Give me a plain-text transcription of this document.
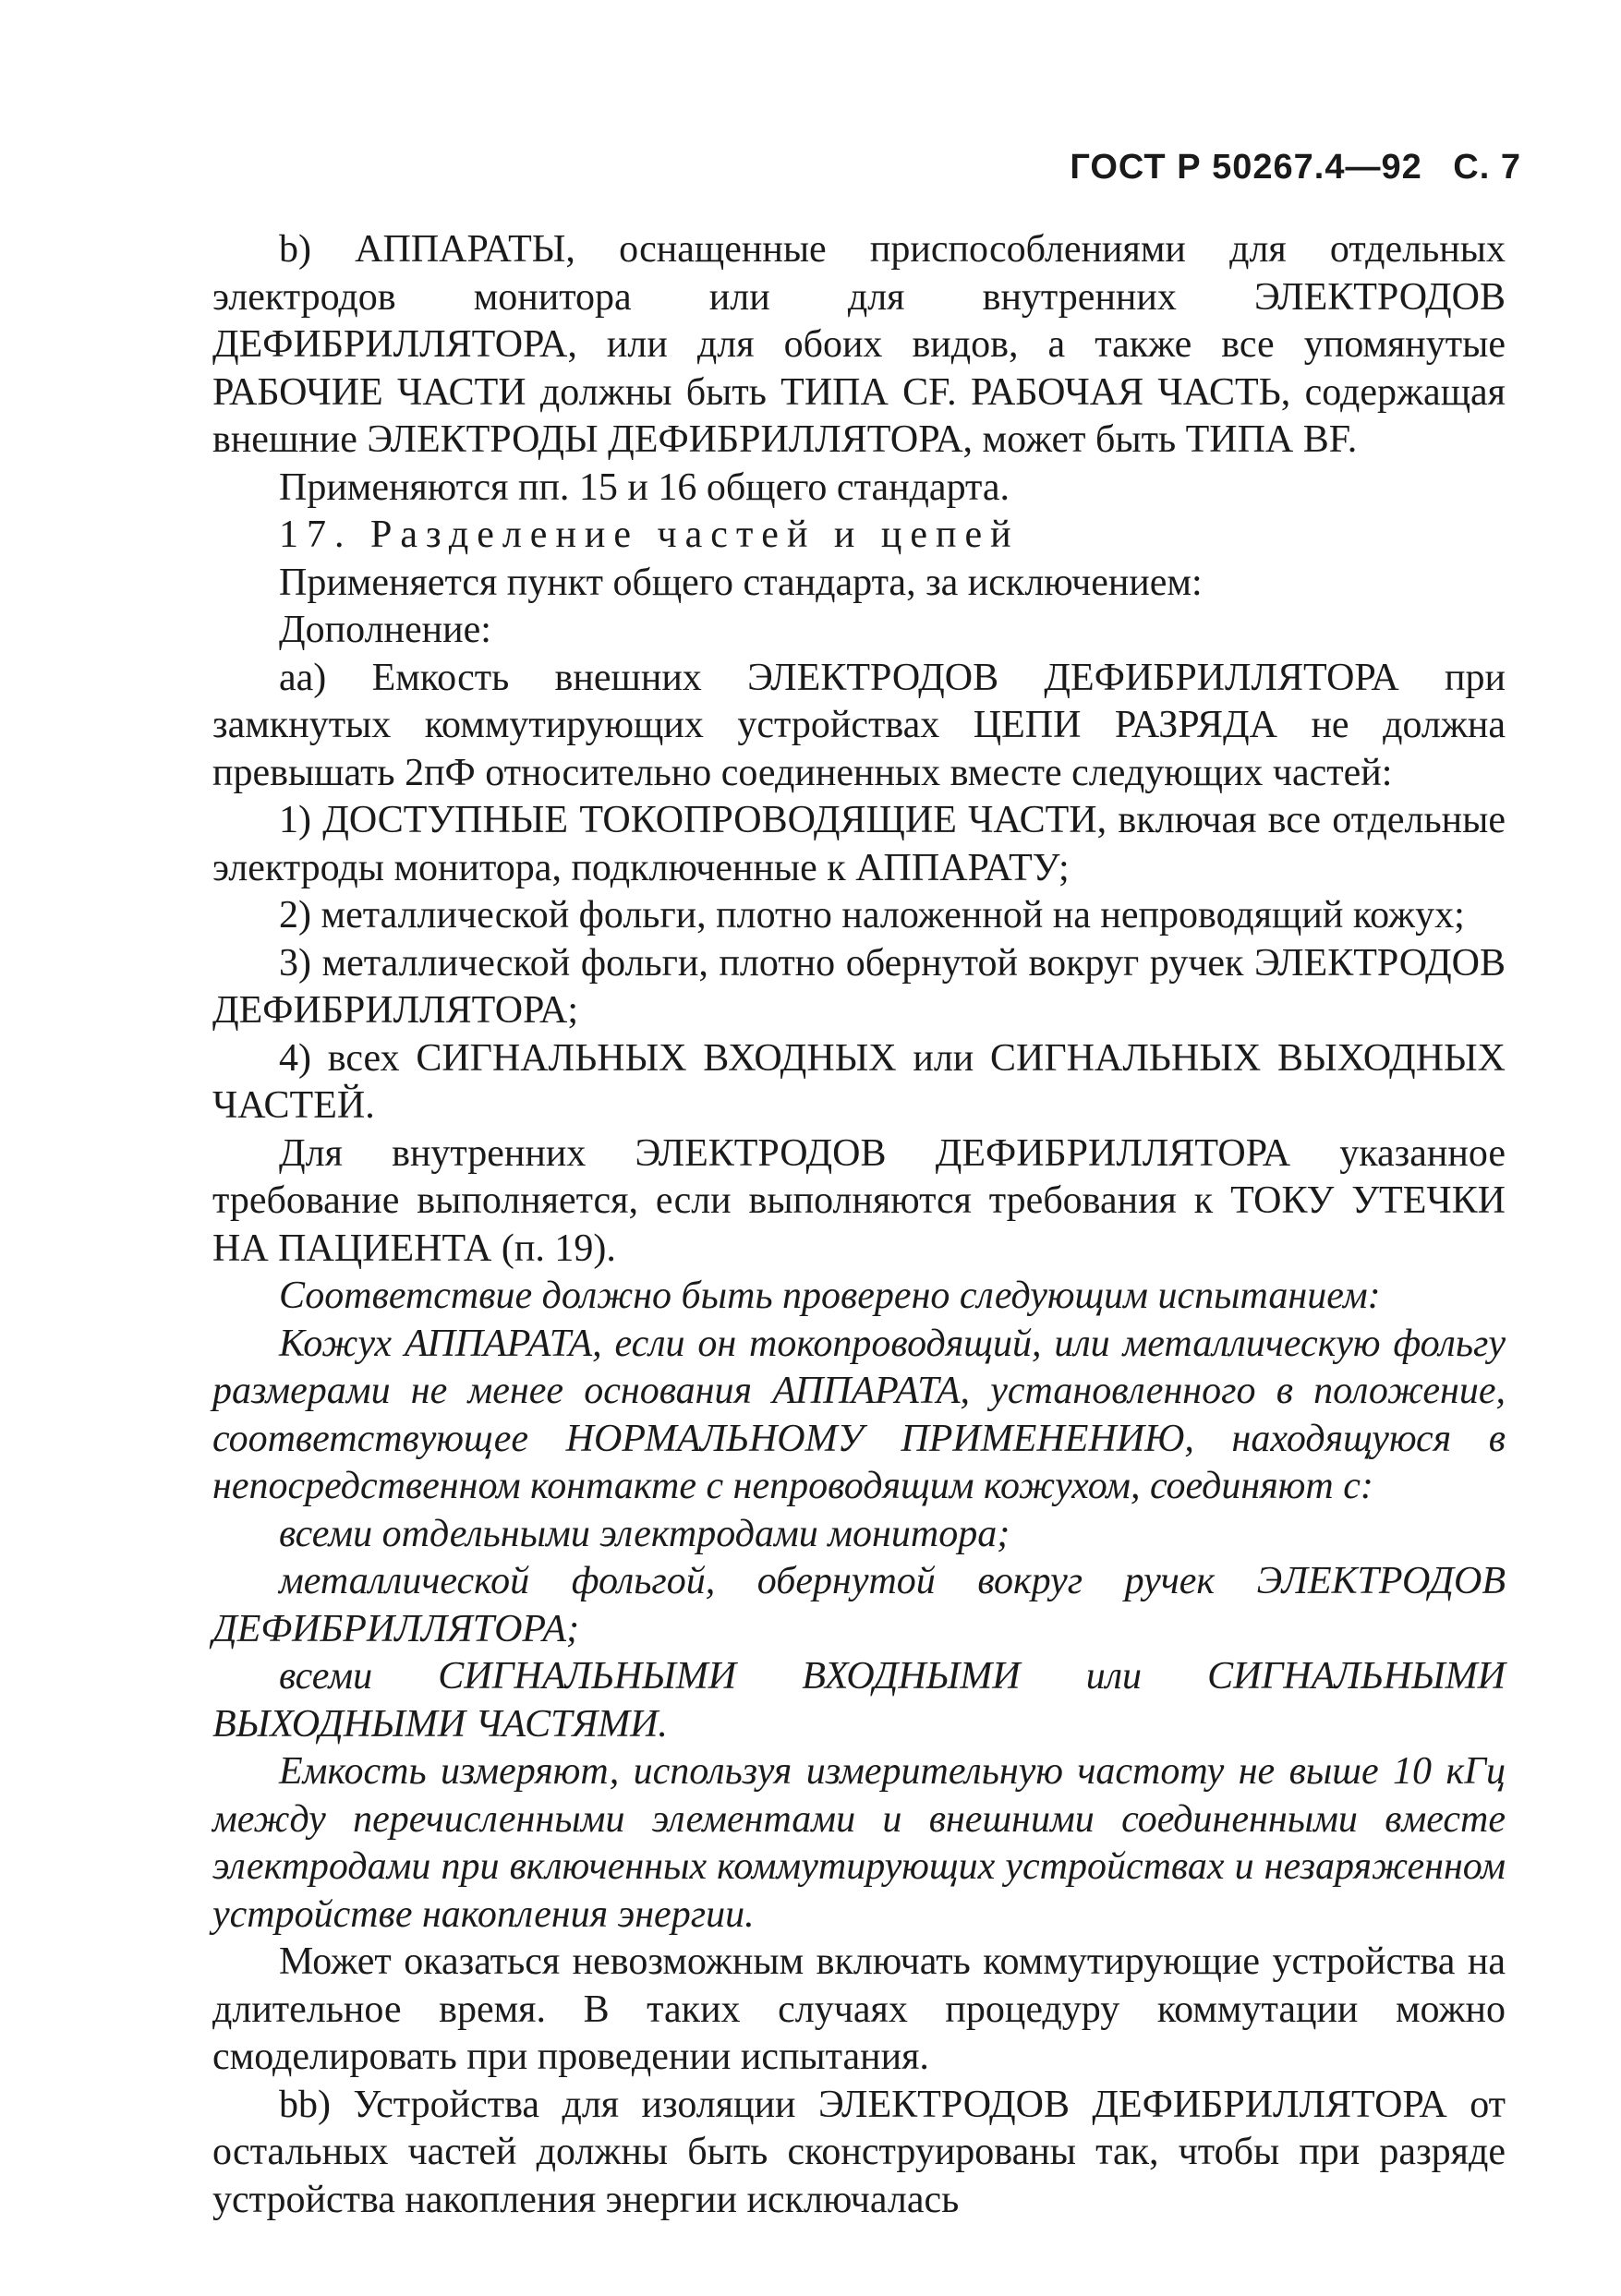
ГОСТ Р 50267.4—92 С. 7

b) АППАРАТЫ, оснащенные приспособлениями для отдельных электродов монитора или для внутренних ЭЛЕКТРОДОВ ДЕФИБРИЛЛЯТОРА, или для обоих видов, а также все упомянутые РАБОЧИЕ ЧАСТИ должны быть ТИПА CF. РАБОЧАЯ ЧАСТЬ, содержащая внешние ЭЛЕКТРОДЫ ДЕФИБРИЛЛЯТОРА, может быть ТИПА BF.

Применяются пп. 15 и 16 общего стандарта.

17. Разделение частей и цепей

Применяется пункт общего стандарта, за исключением:

Дополнение:

aa) Емкость внешних ЭЛЕКТРОДОВ ДЕФИБРИЛЛЯТОРА при замкнутых коммутирующих устройствах ЦЕПИ РАЗРЯДА не должна превышать 2пФ относительно соединенных вместе следующих частей:

1) ДОСТУПНЫЕ ТОКОПРОВОДЯЩИЕ ЧАСТИ, включая все отдельные электроды монитора, подключенные к АППАРАТУ;

2) металлической фольги, плотно наложенной на непроводящий кожух;

3) металлической фольги, плотно обернутой вокруг ручек ЭЛЕКТРОДОВ ДЕФИБРИЛЛЯТОРА;

4) всех СИГНАЛЬНЫХ ВХОДНЫХ или СИГНАЛЬНЫХ ВЫХОДНЫХ ЧАСТЕЙ.

Для внутренних ЭЛЕКТРОДОВ ДЕФИБРИЛЛЯТОРА указанное требование выполняется, если выполняются требования к ТОКУ УТЕЧКИ НА ПАЦИЕНТА (п. 19).

Соответствие должно быть проверено следующим испытанием:

Кожух АППАРАТА, если он токопроводящий, или металлическую фольгу размерами не менее основания АППАРАТА, установленного в положение, соответствующее НОРМАЛЬНОМУ ПРИМЕНЕНИЮ, находящуюся в непосредственном контакте с непроводящим кожухом, соединяют с:

всеми отдельными электродами монитора;

металлической фольгой, обернутой вокруг ручек ЭЛЕКТРОДОВ ДЕФИБРИЛЛЯТОРА;

всеми СИГНАЛЬНЫМИ ВХОДНЫМИ или СИГНАЛЬНЫМИ ВЫХОДНЫМИ ЧАСТЯМИ.

Емкость измеряют, используя измерительную частоту не выше 10 кГц между перечисленными элементами и внешними соединенными вместе электродами при включенных коммутирующих устройствах и незаряженном устройстве накопления энергии.

Может оказаться невозможным включать коммутирующие устройства на длительное время. В таких случаях процедуру коммутации можно смоделировать при проведении испытания.

bb) Устройства для изоляции ЭЛЕКТРОДОВ ДЕФИБРИЛЛЯТОРА от остальных частей должны быть сконструированы так, чтобы при разряде устройства накопления энергии исключалась
